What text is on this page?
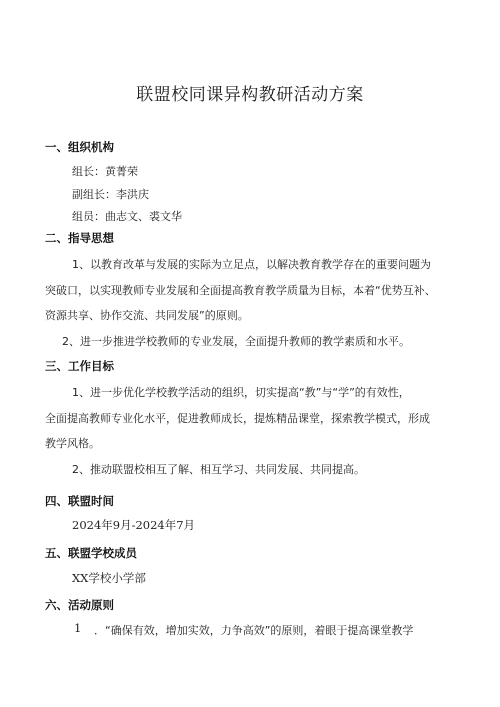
联盟校同课异构教研活动方案
一、组织机构
组长：黄菁荣
副组长：李洪庆
组员：曲志文、裘文华
二、指导思想
1、以教育改革与发展的实际为立足点，以解决教育教学存在的重要问题为
突破口，以实现教师专业发展和全面提高教育教学质量为目标，本着“优势互补、
资源共享、协作交流、共同发展”的原则。
2、进一步推进学校教师的专业发展，全面提升教师的教学素质和水平。
三、工作目标
1、进一步优化学校教学活动的组织，切实提高“教”与“学”的有效性，
全面提高教师专业化水平，促进教师成长，提炼精品课堂，探索教学模式，形成
教学风格。
2、推动联盟校相互了解、相互学习、共同发展、共同提高。
四、联盟时间
2024年9月-2024年7月
五、联盟学校成员
XX学校小学部
六、活动原则
1 ．“确保有效，增加实效，力争高效”的原则，着眼于提高课堂教学
